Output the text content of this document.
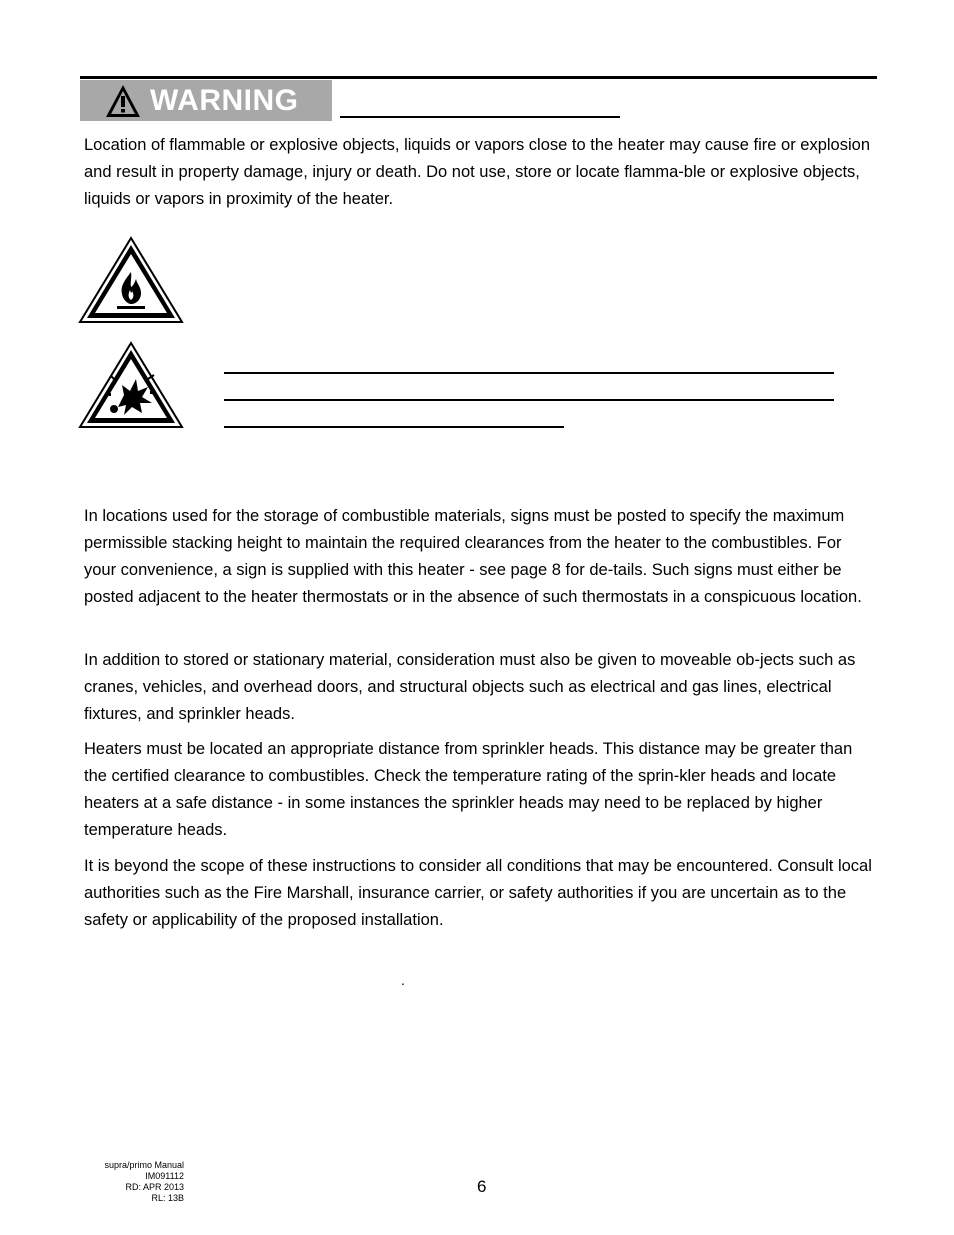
WARNING
Location of flammable or explosive objects, liquids or vapors close to the heater may cause fire or explosion and result in property damage, injury or death. Do not use, store or locate flamma-ble or explosive objects, liquids or vapors in proximity of the heater.
In locations used for the storage of combustible materials, signs must be posted to specify the maximum permissible stacking height to maintain the required clearances from the heater to the combustibles. For your convenience, a sign is supplied with this heater - see page 8 for de-tails. Such signs must either be posted adjacent to the heater thermostats or in the absence of such thermostats in a conspicuous location.
In addition to stored or stationary material, consideration must also be given to moveable ob-jects such as cranes, vehicles, and overhead doors, and structural objects such as electrical and gas lines, electrical fixtures, and sprinkler heads.
Heaters must be located an appropriate distance from sprinkler heads. This distance may be greater than the certified clearance to combustibles. Check the temperature rating of the sprin-kler heads and locate heaters at a safe distance - in some instances the sprinkler heads may need to be replaced by higher temperature heads.
It is beyond the scope of these instructions to consider all conditions that may be encountered. Consult local authorities such as the Fire Marshall, insurance carrier, or safety authorities if you are uncertain as to the safety or applicability of the proposed installation.
.
supra/primo Manual
IM091112
RD: APR 2013
RL: 13B
6
